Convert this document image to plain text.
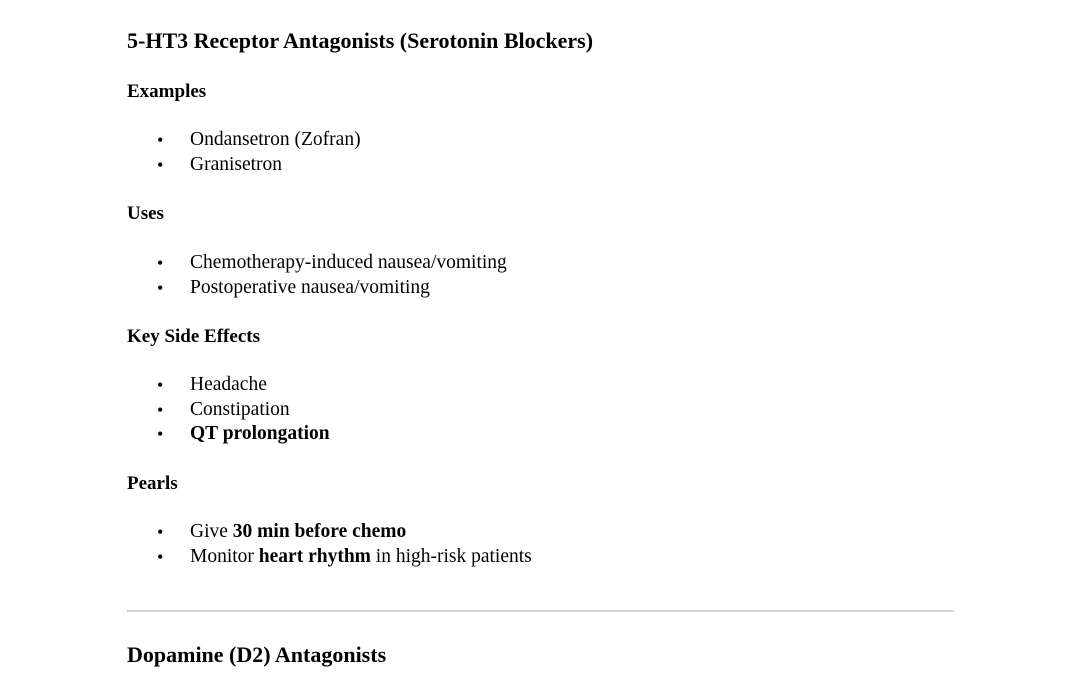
5-HT3 Receptor Antagonists (Serotonin Blockers)
Examples
• Ondansetron (Zofran)
• Granisetron
Uses
• Chemotherapy-induced nausea/vomiting
• Postoperative nausea/vomiting
Key Side Effects
• Headache
• Constipation
• QT prolongation
Pearls
• Give 30 min before chemo
• Monitor heart rhythm in high-risk patients
Dopamine (D2) Antagonists
